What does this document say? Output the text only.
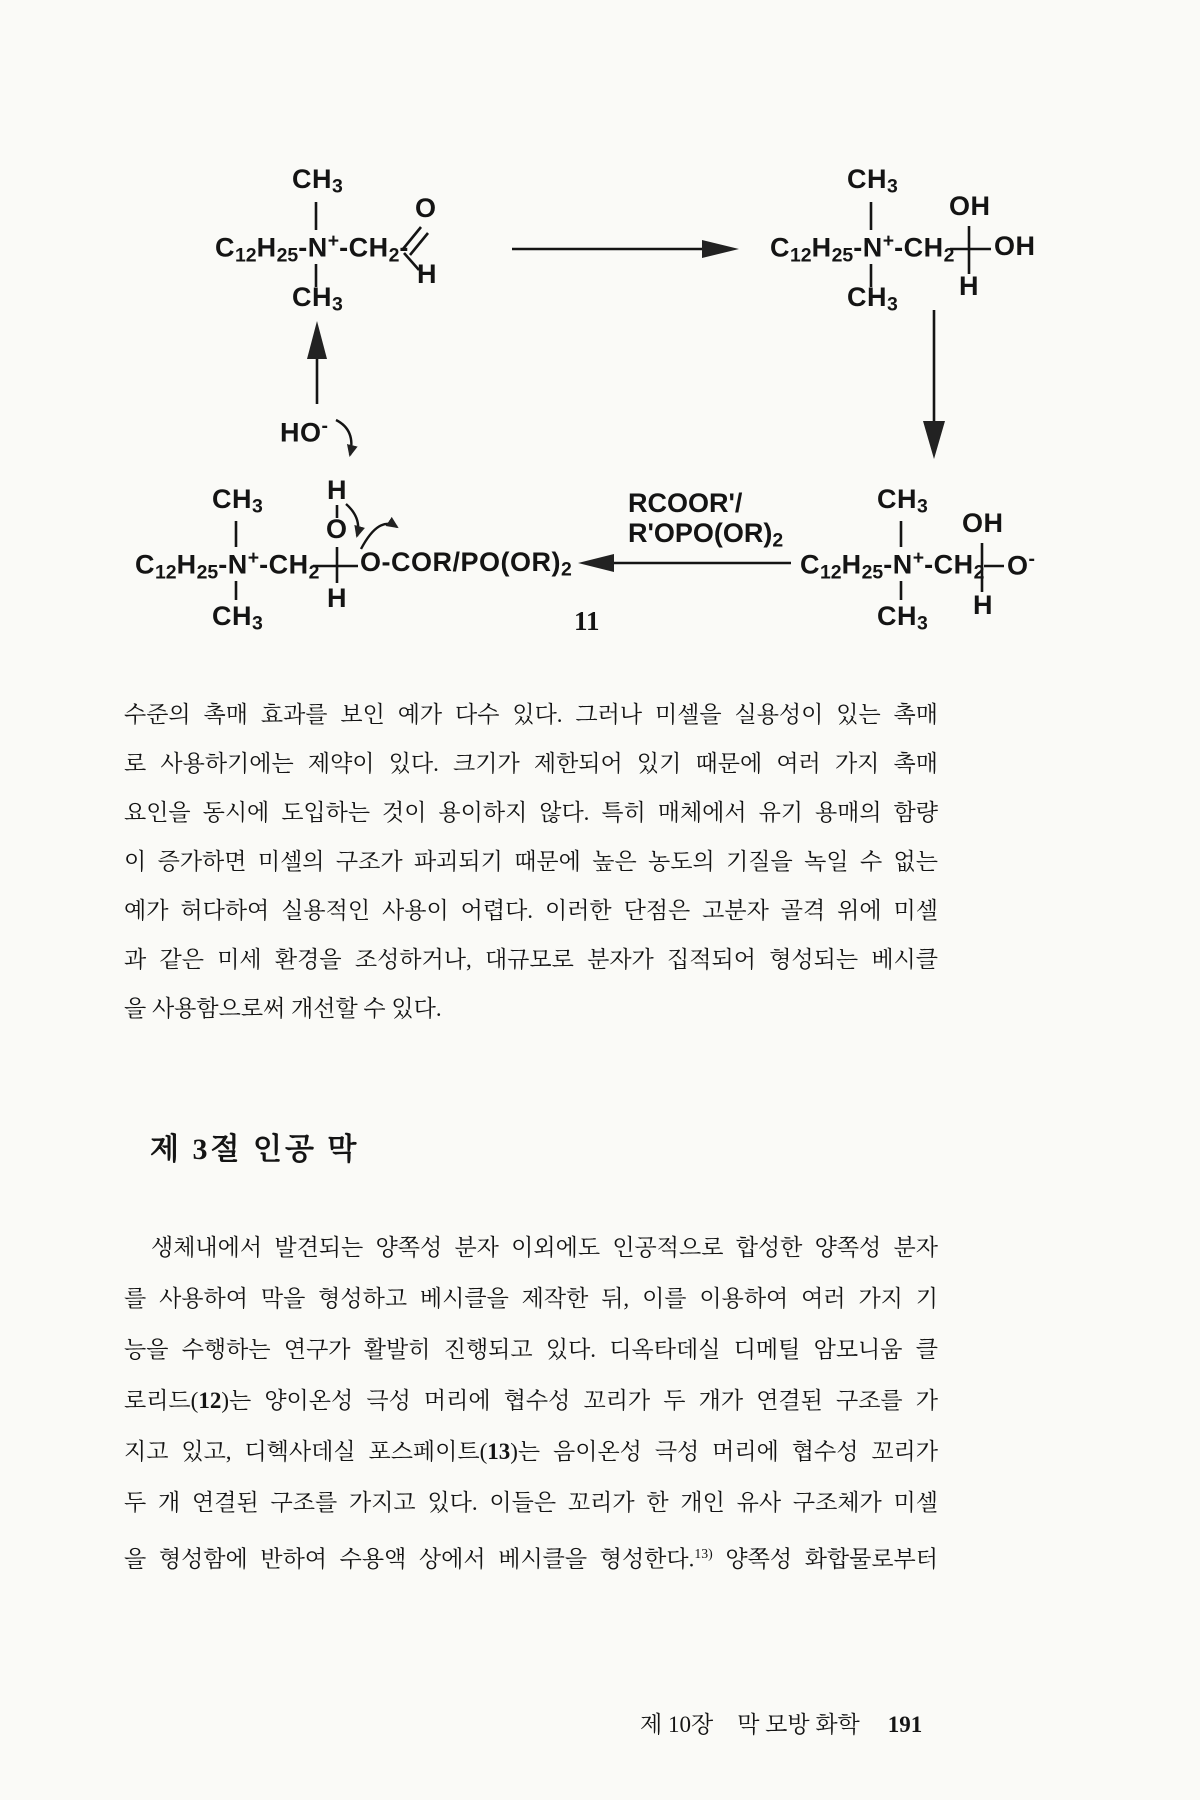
$CH_3$
$C_{12}H_{25}-N^+-CH_2-$
$CH_3$
O
H
$CH_3$
$C_{12}H_{25}-N^+-CH_2$
$CH_3$
OH
OH
H
HO-
H
O
$CH_3$
$C_{12}H_{25}-N^+-CH_2$ $O-COR/PO(OR)_2$
H
$CH_3$
RCOOR'/
$R'OPO(OR)_2$
$CH_3$
$C_{12}H_{25}-N^+-CH_2$
$CH_3$
OH
O-
H
11
수준의 촉매 효과를 보인 예가 다수 있다. 그러나 미셀을 실용성이 있는 촉매
로 사용하기에는 제약이 있다. 크기가 제한되어 있기 때문에 여러 가지 촉매
요인을 동시에 도입하는 것이 용이하지 않다. 특히 매체에서 유기 용매의 함량
이 증가하면 미셀의 구조가 파괴되기 때문에 높은 농도의 기질을 녹일 수 없는
예가 허다하여 실용적인 사용이 어렵다. 이러한 단점은 고분자 골격 위에 미셀
과 같은 미세 환경을 조성하거나, 대규모로 분자가 집적되어 형성되는 베시클
을 사용함으로써 개선할 수 있다.
제 3절 인공 막
생체내에서 발견되는 양쪽성 분자 이외에도 인공적으로 합성한 양쪽성 분자
를 사용하여 막을 형성하고 베시클을 제작한 뒤, 이를 이용하여 여러 가지 기
능을 수행하는 연구가 활발히 진행되고 있다. 디옥타데실 디메틸 암모니움 클
로리드(12)는 양이온성 극성 머리에 협수성 꼬리가 두 개가 연결된 구조를 가
지고 있고, 디헥사데실 포스페이트(13)는 음이온성 극성 머리에 협수성 꼬리가
두 개 연결된 구조를 가지고 있다. 이들은 꼬리가 한 개인 유사 구조체가 미셀
을 형성함에 반하여 수용액 상에서 베시클을 형성한다.$^{13)}$ 양쪽성 화합물로부터
제 10장 막 모방 화학 191
